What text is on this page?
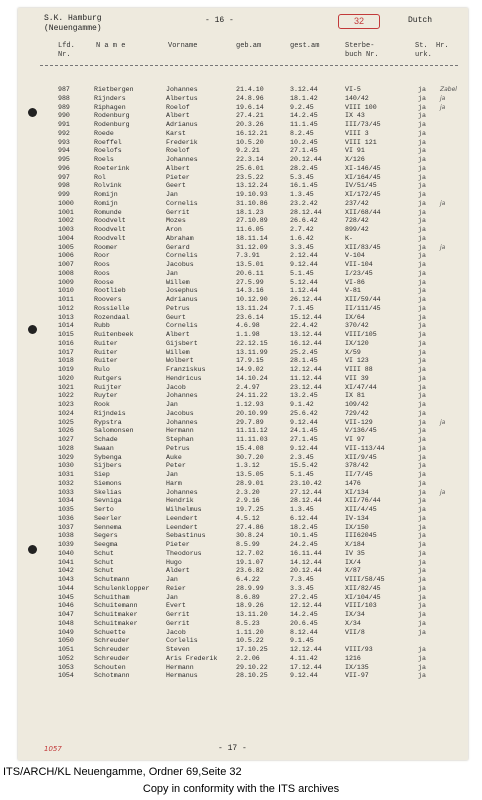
S.K. Hamburg
(Neuengamme)
- 16 -	32	Dutch
Lfd.
Nr.
N a m e	Vorname	geb.am	gest.am	Sterbe-
buch Nr.
St.  Hr.
urk.
987	Rietbergen	Johannes	21.4.10	3.12.44	VI-5	ja Zabel
988	Rijnders	Albertus	24.8.96	18.1.42	140/42	ja ja
989	Riphagen	Roelof	19.6.14	9.2.45	VIII 100	ja ja
990	Rodenburg	Albert	27.4.21	14.2.45	IX 43	ja
991	Rodenburg	Adrianus	20.3.26	11.1.45	III/73/45	ja
992	Roede	Karst	16.12.21	8.2.45	VIII 3	ja
993	Roeffel	Frederik	10.5.20	10.2.45	VIII 121	ja
994	Roelofs	Roelof	9.2.21	27.1.45	VI 91	ja
995	Roels	Johannes	22.3.14	20.12.44	X/126	ja
996	Roeterink	Albert	25.6.01	28.2.45	XI-146/45	ja
997	Rol	Pieter	23.5.22	5.3.45	XI/164/45	ja
998	Rolvink	Geert	13.12.24	16.1.45	IV/51/45	ja
999	Romijn	Jan	19.10.93	1.3.45	XI/172/45	ja
1000	Romijn	Cornelis	31.10.86	23.2.42	237/42	ja ja
1001	Romunde	Gerrit	18.1.23	28.12.44	XII/68/44	ja
1002	Roodvelt	Mozes	27.10.89	26.6.42	728/42	ja
1003	Roodvelt	Aron	11.6.05	2.7.42	899/42	ja
1004	Roodvelt	Abraham	18.11.14	1.6.42	K-	ja
1005	Roomer	Gerard	31.12.09	3.3.45	XII/83/45	ja ja
1006	Roor	Cornelis	7.3.91	2.12.44	V-104	ja
1007	Roos	Jacobus	13.5.01	9.12.44	VII-104	ja
1008	Roos	Jan	20.6.11	5.1.45	I/23/45	ja
1009	Roose	Willem	27.5.99	5.12.44	VI-86	ja
1010	Rootlieb	Josephus	14.3.16	1.12.44	V-81	ja
1011	Roovers	Adrianus	10.12.90	26.12.44	XII/59/44	ja
1012	Rossielle	Petrus	13.11.24	7.1.45	II/111/45	ja
1013	Rozendaal	Geurt	23.6.14	15.12.44	IX/64	ja
1014	Rubb	Cornelis	4.6.98	22.4.42	370/42	ja
1015	Ruitenbeek	Albert	1.1.98	13.12.44	VIII/105	ja
1016	Ruiter	Gijsbert	22.12.15	16.12.44	IX/120	ja
1017	Ruiter	Willem	13.11.99	25.2.45	X/59	ja
1018	Ruiter	Wolbert	17.9.15	28.1.45	VI 123	ja
1019	Rulo	Franziskus	14.9.02	12.12.44	VIII 88	ja
1020	Rutgers	Hendricus	14.10.24	11.12.44	VII 39	ja
1021	Ruijter	Jacob	2.4.97	23.12.44	XI/47/44	ja
1022	Ruyter	Johannes	24.11.22	13.2.45	IX 81	ja
1023	Rook	Jan	1.12.93	9.1.42	109/42	ja
1024	Rijndeis	Jacobus	20.10.99	25.6.42	729/42	ja
1025	Rypstra	Johannes	29.7.89	9.12.44	VII-129	ja ja
1026	Salomonsen	Hermann	11.11.12	24.1.45	V/136/45	ja
1027	Schade	Stephan	11.11.03	27.1.45	VI 97	ja
1028	Swaan	Petrus	15.4.08	9.12.44	VII-113/44	ja
1029	Sybenga	Auke	30.7.20	2.3.45	XII/9/45	ja
1030	Sijbers	Peter	1.3.12	15.5.42	378/42	ja
1031	Siep	Jan	13.5.05	5.1.45	II/7/45	ja
1032	Siemons	Harm	28.9.01	23.10.42	1476	ja
1033	Skelias	Johannes	2.3.20	27.12.44	XI/134	ja ja
1034	Sevniga	Hendrik	2.9.16	28.12.44	XII/76/44	ja
1035	Serto	Wilhelmus	19.7.25	1.3.45	XII/4/45	ja
1036	Seerler	Leendert	4.5.12	6.12.44	IV-134	ja
1037	Sennema	Leendert	27.4.86	18.2.45	IX/150	ja
1038	Segers	Sebastinus	30.8.24	10.1.45	III62045	ja
1039	Seegma	Pieter	8.5.99	24.2.45	X/184	ja
1040	Schut	Theodorus	12.7.02	16.11.44	IV 35	ja
1041	Schut	Hugo	19.1.07	14.12.44	IX/4	ja
1042	Schut	Aldert	23.6.82	20.12.44	X/87	ja
1043	Schutmann	Jan	6.4.22	7.3.45	VIII/58/45	ja
1044	Schulenklopper	Reier	28.9.99	3.3.45	XII/82/45	ja
1045	Schuitham	Jan	8.6.89	27.2.45	XI/104/45	ja
1046	Schuitemann	Evert	18.9.26	12.12.44	VIII/103	ja
1047	Schuitmaker	Gerrit	13.11.20	14.2.45	IX/34	ja
1048	Schuitmaker	Gerrit	8.5.23	20.6.45	X/34	ja
1049	Schuette	Jacob	1.11.20	8.12.44	VII/8	ja
1050	Schreuder	Corlelis	10.5.22	9.1.45
1051	Schreuder	Steven	17.10.25	12.12.44	VIII/93	ja
1052	Schreuder	Aris Frederik	2.2.06	4.11.42	1216	ja
1053	Schouten	Hermann	29.10.22	17.12.44	IX/135	ja
1054	Schotmann	Hermanus	28.10.25	9.12.44	VII-97	ja
1057	- 17 -
ITS/ARCH/KL Neuengamme, Ordner 69,Seite 32
Copy in conformity with the ITS archives
